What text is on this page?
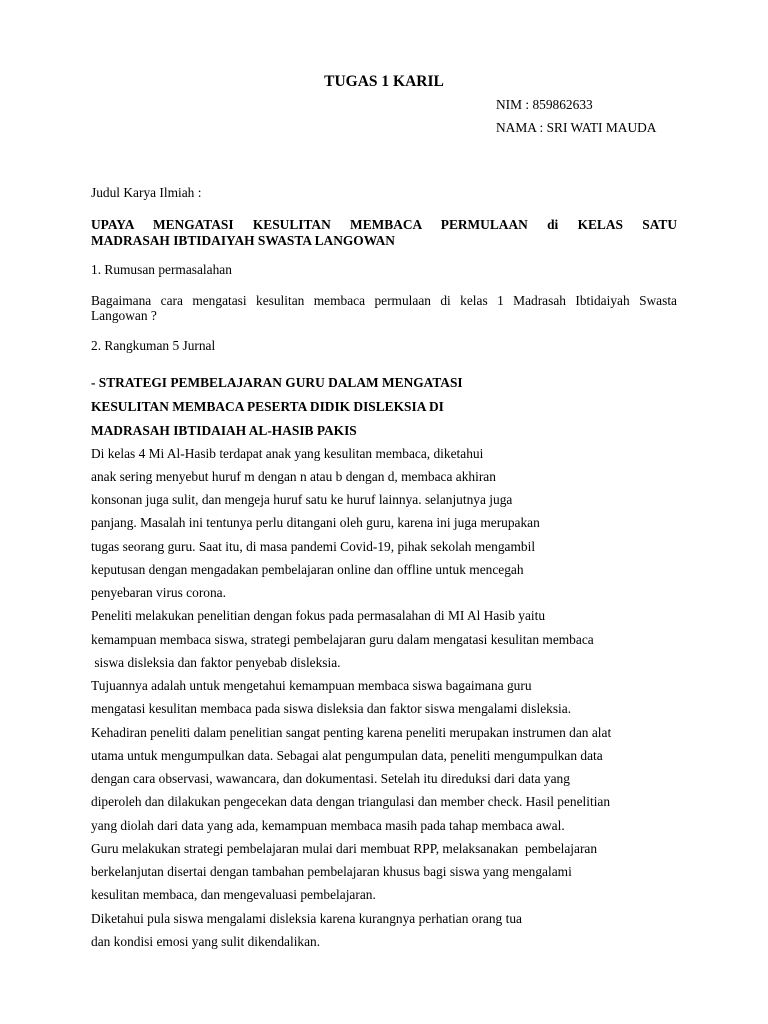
TUGAS 1 KARIL
NIM : 859862633
NAMA : SRI WATI MAUDA
Judul Karya Ilmiah :
UPAYA MENGATASI KESULITAN MEMBACA PERMULAAN di KELAS SATU
MADRASAH IBTIDAIYAH SWASTA LANGOWAN
1. Rumusan permasalahan
Bagaimana cara mengatasi kesulitan membaca permulaan di kelas 1 Madrasah Ibtidaiyah Swasta
Langowan ?
2. Rangkuman 5 Jurnal
- STRATEGI PEMBELAJARAN GURU DALAM MENGATASI
KESULITAN MEMBACA PESERTA DIDIK DISLEKSIA DI
MADRASAH IBTIDAIAH AL-HASIB PAKIS
Di kelas 4 Mi Al-Hasib terdapat anak yang kesulitan membaca, diketahui
anak sering menyebut huruf m dengan n atau b dengan d, membaca akhiran
konsonan juga sulit, dan mengeja huruf satu ke huruf lainnya. selanjutnya juga
panjang. Masalah ini tentunya perlu ditangani oleh guru, karena ini juga merupakan
tugas seorang guru. Saat itu, di masa pandemi Covid-19, pihak sekolah mengambil
keputusan dengan mengadakan pembelajaran online dan offline untuk mencegah
penyebaran virus corona.
Peneliti melakukan penelitian dengan fokus pada permasalahan di MI Al Hasib yaitu
kemampuan membaca siswa, strategi pembelajaran guru dalam mengatasi kesulitan membaca
siswa disleksia dan faktor penyebab disleksia.
Tujuannya adalah untuk mengetahui kemampuan membaca siswa bagaimana guru
mengatasi kesulitan membaca pada siswa disleksia dan faktor siswa mengalami disleksia.
Kehadiran peneliti dalam penelitian sangat penting karena peneliti merupakan instrumen dan alat
utama untuk mengumpulkan data. Sebagai alat pengumpulan data, peneliti mengumpulkan data
dengan cara observasi, wawancara, dan dokumentasi. Setelah itu direduksi dari data yang
diperoleh dan dilakukan pengecekan data dengan triangulasi dan member check. Hasil penelitian
yang diolah dari data yang ada, kemampuan membaca masih pada tahap membaca awal.
Guru melakukan strategi pembelajaran mulai dari membuat RPP, melaksanakan  pembelajaran
berkelanjutan disertai dengan tambahan pembelajaran khusus bagi siswa yang mengalami
kesulitan membaca, dan mengevaluasi pembelajaran.
Diketahui pula siswa mengalami disleksia karena kurangnya perhatian orang tua
dan kondisi emosi yang sulit dikendalikan.
